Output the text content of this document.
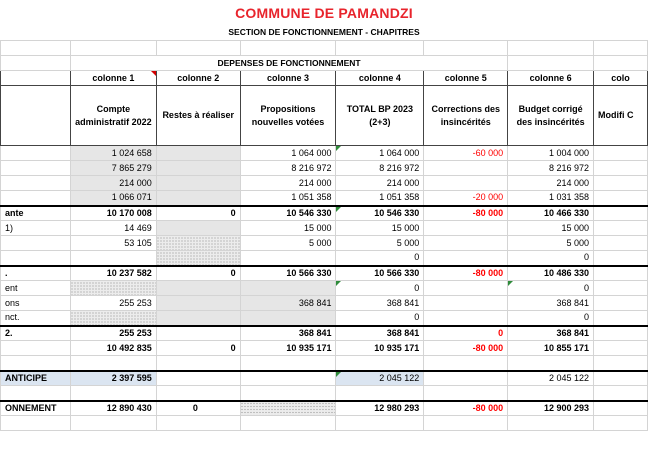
COMMUNE DE PAMANDZI
SECTION DE FONCTIONNEMENT - CHAPITRES

	DEPENSES DE FONCTIONNEMENT						
	colonne 1	colonne 2	colonne 3	colonne 4	colonne 5	colonne 6	colo
	Compte administratif 2022	Restes à réaliser	Propositions nouvelles votées	TOTAL BP 2023 (2+3)	Corrections des insincérités	Budget corrigé des insincérités	Modifi C
	1 024 658		1 064 000	1 064 000	-60 000	1 004 000	
	7 865 279		8 216 972	8 216 972		8 216 972	
	214 000		214 000	214 000		214 000	
	1 066 071		1 051 358	1 051 358	-20 000	1 031 358	
ante	10 170 008	0	10 546 330	10 546 330	-80 000	10 466 330	
1)	14 469		15 000	15 000		15 000	
	53 105		5 000	5 000		5 000	
				0		0	
.	10 237 582	0	10 566 330	10 566 330	-80 000	10 486 330	
ent				0		0	
ons	255 253		368 841	368 841		368 841	
nct.				0		0	
2.	255 253		368 841	368 841	0	368 841	
	10 492 835	0	10 935 171	10 935 171	-80 000	10 855 171	

ANTICIPE	2 397 595			2 045 122		2 045 122	

ONNEMENT	12 890 430	0		12 980 293	-80 000	12 900 293	
